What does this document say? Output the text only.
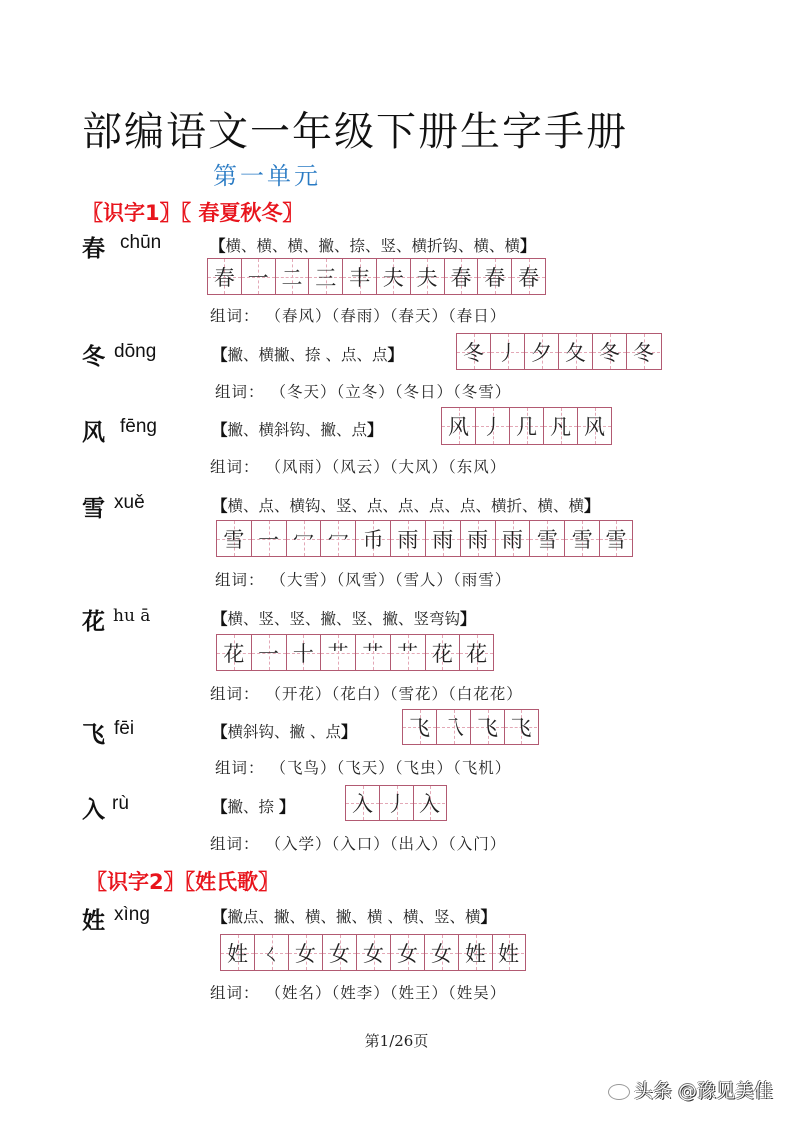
部编语文一年级下册生字手册
第一单元
〖识字1〗〖 春夏秋冬〗
春 chūn	【横、横、横、撇、捺、竖、横折钩、横、横】
春 一 二 三 丰 夫 夫 春 春 春
组词： （春风）（春雨）（春天）（春日）
冬 dōng	【撇、横撇、捺 、点、点】	冬 丿 夕 夂 冬 冬
组词： （冬天）（立冬）（冬日）（冬雪）
风 fēng	【撇、横斜钩、撇、点】	风 丿 几 凡 风
组词： （风雨）（风云）（大风）（东风）
雪 xuě	【横、点、横钩、竖、点、点、点、点、横折、横、横】
雪 一 冖 冖 币 雨 雨 雨 雨 雪 雪 雪
组词： （大雪）（风雪）（雪人）（雨雪）
花 hu ā	【横、竖、竖、撇、竖、撇、竖弯钩】
花 一 十 艹 艹 艹 花 花
组词： （开花）（花白）（雪花）（白花花）
飞 fēi	【横斜钩、撇 、点】	飞 乁 飞 飞
组词： （飞鸟）（飞天）（飞虫）（飞机）
入 rù	【撇、捺 】	入 丿 入
组词： （入学）（入口）（出入）（入门）
〖识字2〗〖姓氏歌〗
姓 xìng	【撇点、撇、横、撇、横 、横、竖、横】
姓 ㄑ 女 女 女 女 女 姓 姓
组词： （姓名）（姓李）（姓王）（姓吴）
第1/26页
头条 @豫见美佳
